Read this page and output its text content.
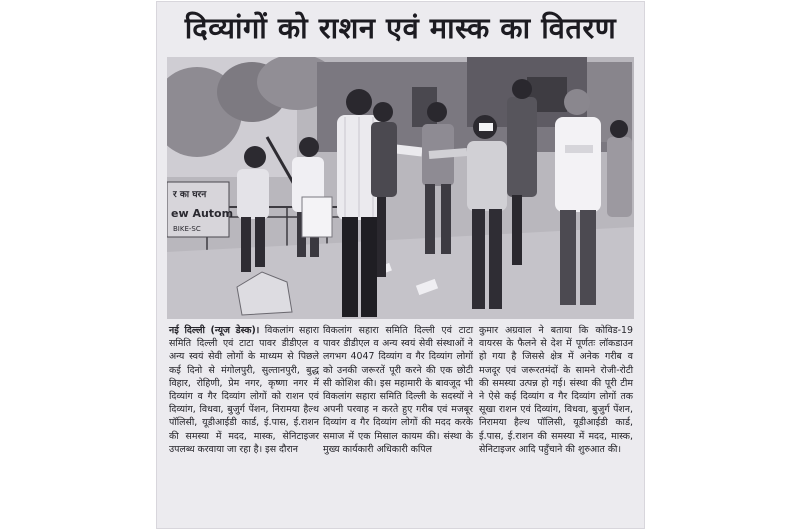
दिव्यांगों को राशन एवं मास्क का वितरण
ew Autom
BIKE-SC
र का घरन

नई दिल्ली (न्यूज डेस्क)। विकलांग सहारा समिति दिल्ली एवं टाटा पावर डीडीएल व अन्य स्वयं सेवी लोगों के माध्यम से पिछले कई दिनो से मंगोलपुरी, सुल्तानपुरी, बुद्ध विहार, रोहिणी, प्रेम नगर, कृष्णा नगर में दिव्यांग व गैर दिव्यांग लोगों को राशन एवं दिव्यांग, विधवा, बुजुर्ग पेंशन, निरामया हैल्थ पॉलिसी, यूडीआईडी कार्ड, ई.पास, ई.राशन की समस्या में मदद, मास्क, सेनिटाइजर उपलब्ध करवाया जा रहा है। इस दौरान

विकलांग सहारा समिति दिल्ली एवं टाटा पावर डीडीएल व अन्य स्वयं सेवी संस्थाओं ने लगभग 4047 दिव्यांग व गैर दिव्यांग लोगों को उनकी जरूरतें पूरी करने की एक छोटी सी कोशिश की। इस महामारी के बावजूद भी विकलांग सहारा समिति दिल्ली के सदस्यों ने अपनी परवाह न करते हुए गरीब एवं मजबूर दिव्यांग व गैर दिव्यांग लोगों की मदद करके समाज में एक मिसाल कायम की। संस्था के मुख्य कार्यकारी अधिकारी कपिल

कुमार अग्रवाल ने बताया कि कोविड-19 वायरस के फैलने से देश में पूर्णतः लॉकडाउन हो गया है जिससे क्षेत्र में अनेक गरीब व मजदूर एवं जरूरतमंदों के सामने रोजी-रोटी की समस्या उत्पन्न हो गई। संस्था की पूरी टीम ने ऐसे कई दिव्यांग व गैर दिव्यांग लोगों तक सूखा राशन एवं दिव्यांग, विधवा, बुजुर्ग पेंशन, निरामया हैल्थ पॉलिसी, यूडीआईडी कार्ड, ई.पास, ई.राशन की समस्या में मदद, मास्क, सेनिटाइजर आदि पहुँचाने की शुरुआत की।
